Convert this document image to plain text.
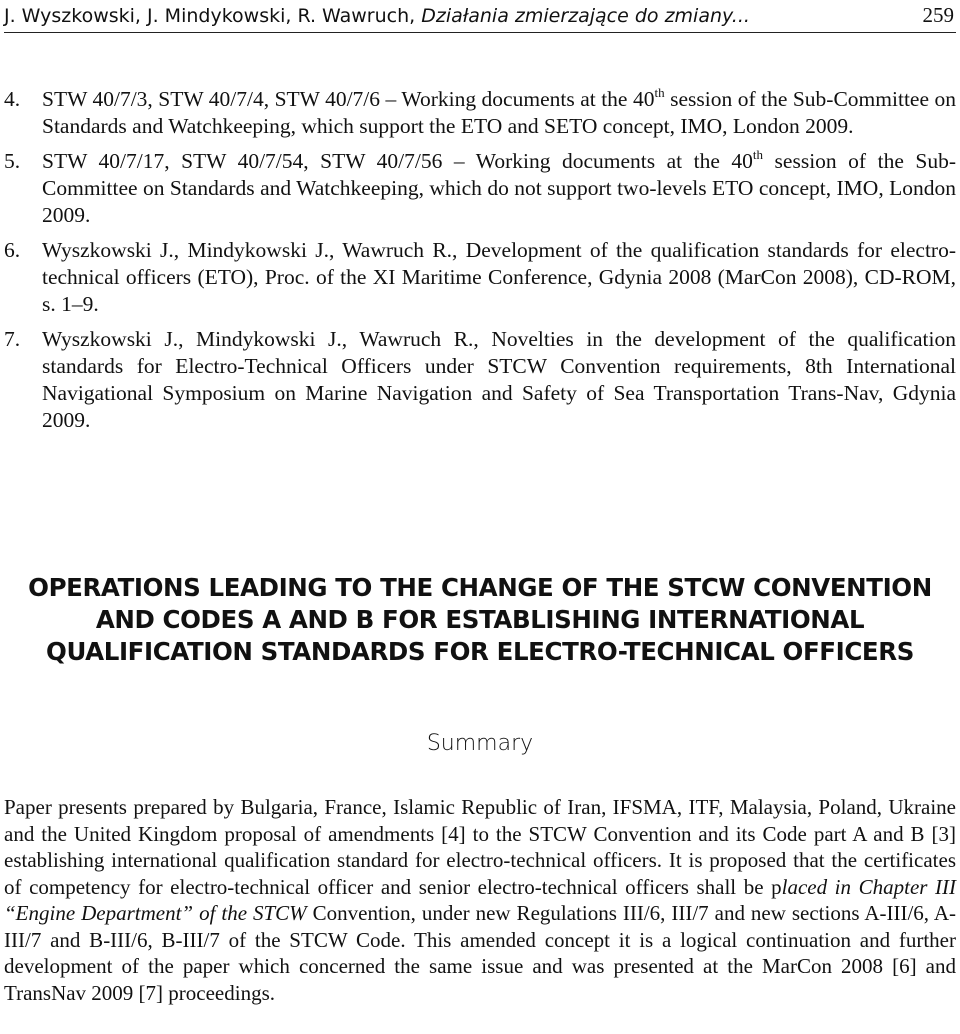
J. Wyszkowski, J. Mindykowski, R. Wawruch, Działania zmierzające do zmiany...	259
4. STW 40/7/3, STW 40/7/4, STW 40/7/6 – Working documents at the 40th session of the Sub-Committee on Standards and Watchkeeping, which support the ETO and SETO concept, IMO, London 2009.
5. STW 40/7/17, STW 40/7/54, STW 40/7/56 – Working documents at the 40th session of the Sub-Committee on Standards and Watchkeeping, which do not support two-levels ETO concept, IMO, London 2009.
6. Wyszkowski J., Mindykowski J., Wawruch R., Development of the qualification standards for electro-technical officers (ETO), Proc. of the XI Maritime Conference, Gdynia 2008 (MarCon 2008), CD-ROM, s. 1–9.
7. Wyszkowski J., Mindykowski J., Wawruch R., Novelties in the development of the qualification standards for Electro-Technical Officers under STCW Convention requirements, 8th International Navigational Symposium on Marine Navigation and Safety of Sea Transportation Trans-Nav, Gdynia 2009.
OPERATIONS LEADING TO THE CHANGE OF THE STCW CONVENTION
AND CODES A AND B FOR ESTABLISHING INTERNATIONAL
QUALIFICATION STANDARDS FOR ELECTRO-TECHNICAL OFFICERS
Summary
Paper presents prepared by Bulgaria, France, Islamic Republic of Iran, IFSMA, ITF, Malaysia, Poland, Ukraine and the United Kingdom proposal of amendments [4] to the STCW Convention and its Code part A and B [3] establishing international qualification standard for electro-technical officers. It is proposed that the certificates of competency for electro-technical officer and senior electro-technical officers shall be placed in Chapter III “Engine Department” of the STCW Convention, under new Regulations III/6, III/7 and new sections A-III/6, A-III/7 and B-III/6, B-III/7 of the STCW Code. This amended concept it is a logical continuation and further development of the paper which concerned the same issue and was presented at the MarCon 2008 [6] and TransNav 2009 [7] proceedings.
